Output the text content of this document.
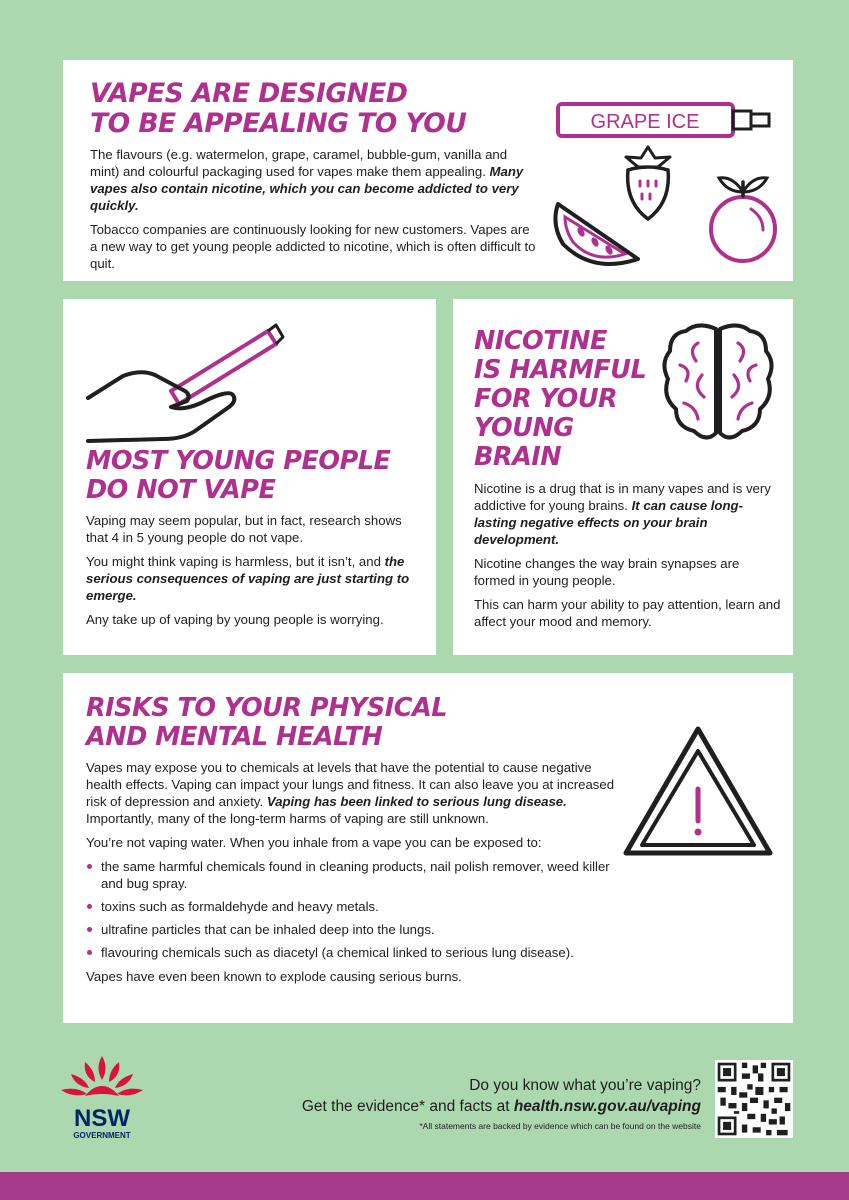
VAPES ARE DESIGNED
TO BE APPEALING TO YOU

The flavours (e.g. watermelon, grape, caramel, bubble-gum, vanilla and mint) and colourful packaging used for vapes make them appealing. Many vapes also contain nicotine, which you can become addicted to very quickly.

Tobacco companies are continuously looking for new customers. Vapes are a new way to get young people addicted to nicotine, which is often difficult to quit.

GRAPE ICE
MOST YOUNG PEOPLE
DO NOT VAPE

Vaping may seem popular, but in fact, research shows that 4 in 5 young people do not vape.

You might think vaping is harmless, but it isn’t, and the serious consequences of vaping are just starting to emerge.

Any take up of vaping by young people is worrying.

NICOTINE
IS HARMFUL
FOR YOUR
YOUNG
BRAIN

Nicotine is a drug that is in many vapes and is very addictive for young brains. It can cause long-lasting negative effects on your brain development.

Nicotine changes the way brain synapses are formed in young people.

This can harm your ability to pay attention, learn and affect your mood and memory.

RISKS TO YOUR PHYSICAL
AND MENTAL HEALTH

Vapes may expose you to chemicals at levels that have the potential to cause negative health effects. Vaping can impact your lungs and fitness. It can also leave you at increased risk of depression and anxiety. Vaping has been linked to serious lung disease. Importantly, many of the long-term harms of vaping are still unknown.

You’re not vaping water. When you inhale from a vape you can be exposed to:

the same harmful chemicals found in cleaning products, nail polish remover, weed killer and bug spray.
toxins such as formaldehyde and heavy metals.
ultrafine particles that can be inhaled deep into the lungs.
flavouring chemicals such as diacetyl (a chemical linked to serious lung disease).

Vapes have even been known to explode causing serious burns.

NSW
GOVERNMENT
Do you know what you’re vaping?
Get the evidence* and facts at health.nsw.gov.au/vaping
*All statements are backed by evidence which can be found on the website
